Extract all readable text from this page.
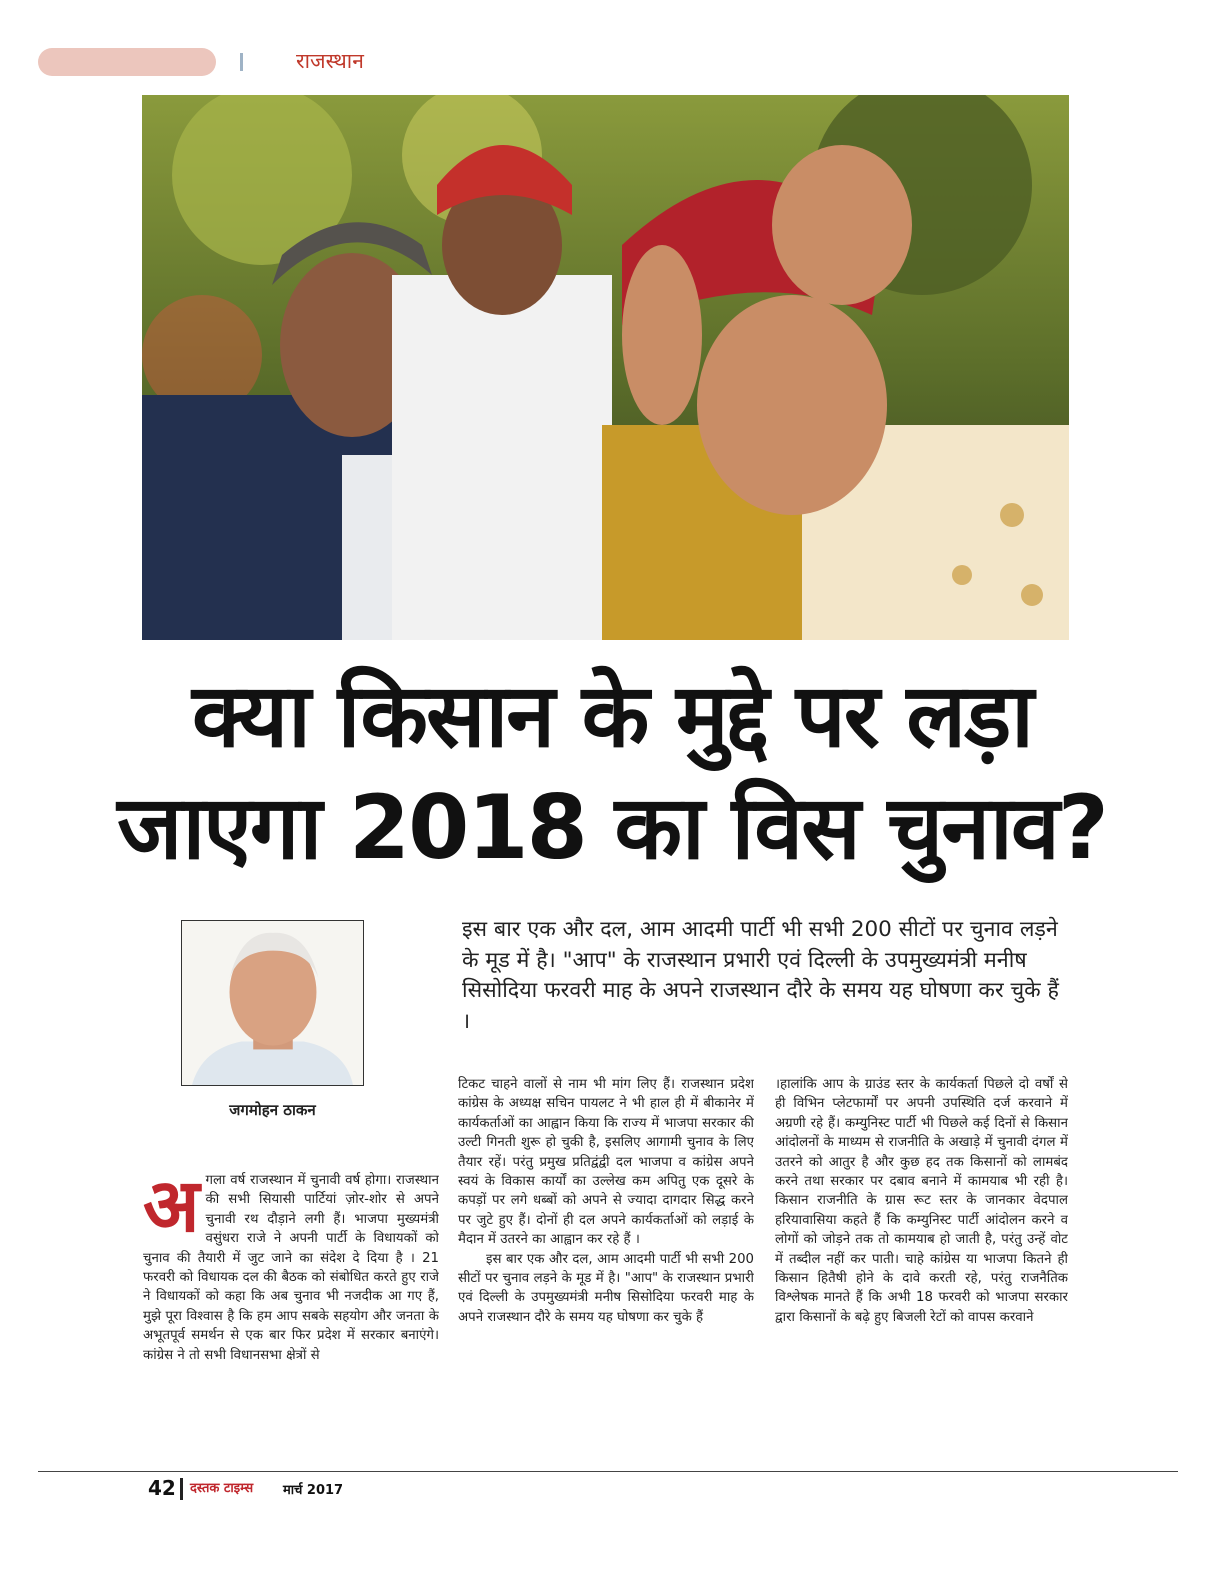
राजस्थान
क्या किसान के मुद्दे पर लड़ा
जाएगा 2018 का विस चुनाव?
जगमोहन ठाकन

इस बार एक और दल, आम आदमी पार्टी भी सभी 200 सीटों पर चुनाव लड़ने के मूड में है। "आप" के राजस्थान प्रभारी एवं दिल्ली के उपमुख्यमंत्री मनीष सिसोदिया फरवरी माह के अपने राजस्थान दौरे के समय यह घोषणा कर चुके हैं ।

अ गला वर्ष राजस्थान में चुनावी वर्ष होगा। राजस्थान की सभी सियासी पार्टियां ज़ोर-शोर से अपने चुनावी रथ दौड़ाने लगी हैं। भाजपा मुख्यमंत्री वसुंधरा राजे ने अपनी पार्टी के विधायकों को चुनाव की तैयारी में जुट जाने का संदेश दे दिया है । 21 फरवरी को विधायक दल की बैठक को संबोधित करते हुए राजे ने विधायकों को कहा कि अब चुनाव भी नजदीक आ गए हैं, मुझे पूरा विश्वास है कि हम आप सबके सहयोग और जनता के अभूतपूर्व समर्थन से एक बार फिर प्रदेश में सरकार बनाएंगे। कांग्रेस ने तो सभी विधानसभा क्षेत्रों से

टिकट चाहने वालों से नाम भी मांग लिए हैं। राजस्थान प्रदेश कांग्रेस के अध्यक्ष सचिन पायलट ने भी हाल ही में बीकानेर में कार्यकर्ताओं का आह्वान किया कि राज्य में भाजपा सरकार की उल्टी गिनती शुरू हो चुकी है, इसलिए आगामी चुनाव के लिए तैयार रहें। परंतु प्रमुख प्रतिद्वंद्वी दल भाजपा व कांग्रेस अपने स्वयं के विकास कार्यों का उल्लेख कम अपितु एक दूसरे के कपड़ों पर लगे धब्बों को अपने से ज्यादा दागदार सिद्ध करने पर जुटे हुए हैं। दोनों ही दल अपने कार्यकर्ताओं को लड़ाई के मैदान में उतरने का आह्वान कर रहे हैं ।

इस बार एक और दल, आम आदमी पार्टी भी सभी 200 सीटों पर चुनाव लड़ने के मूड में है। "आप" के राजस्थान प्रभारी एवं दिल्ली के उपमुख्यमंत्री मनीष सिसोदिया फरवरी माह के अपने राजस्थान दौरे के समय यह घोषणा कर चुके हैं

।हालांकि आप के ग्राउंड स्तर के कार्यकर्ता पिछले दो वर्षों से ही विभिन प्लेटफार्मों पर अपनी उपस्थिति दर्ज करवाने में अग्रणी रहे हैं। कम्युनिस्ट पार्टी भी पिछले कई दिनों से किसान आंदोलनों के माध्यम से राजनीति के अखाड़े में चुनावी दंगल में उतरने को आतुर है और कुछ हद तक किसानों को लामबंद करने तथा सरकार पर दबाव बनाने में कामयाब भी रही है। किसान राजनीति के ग्रास रूट स्तर के जानकार वेदपाल हरियावासिया कहते हैं कि कम्युनिस्ट पार्टी आंदोलन करने व लोगों को जोड़ने तक तो कामयाब हो जाती है, परंतु उन्हें वोट में तब्दील नहीं कर पाती। चाहे कांग्रेस या भाजपा कितने ही किसान हितैषी होने के दावे करती रहे, परंतु राजनैतिक विश्लेषक मानते हैं कि अभी 18 फरवरी को भाजपा सरकार द्वारा किसानों के बढ़े हुए बिजली रेटों को वापस करवाने

42 दस्तक टाइम्स मार्च 2017
